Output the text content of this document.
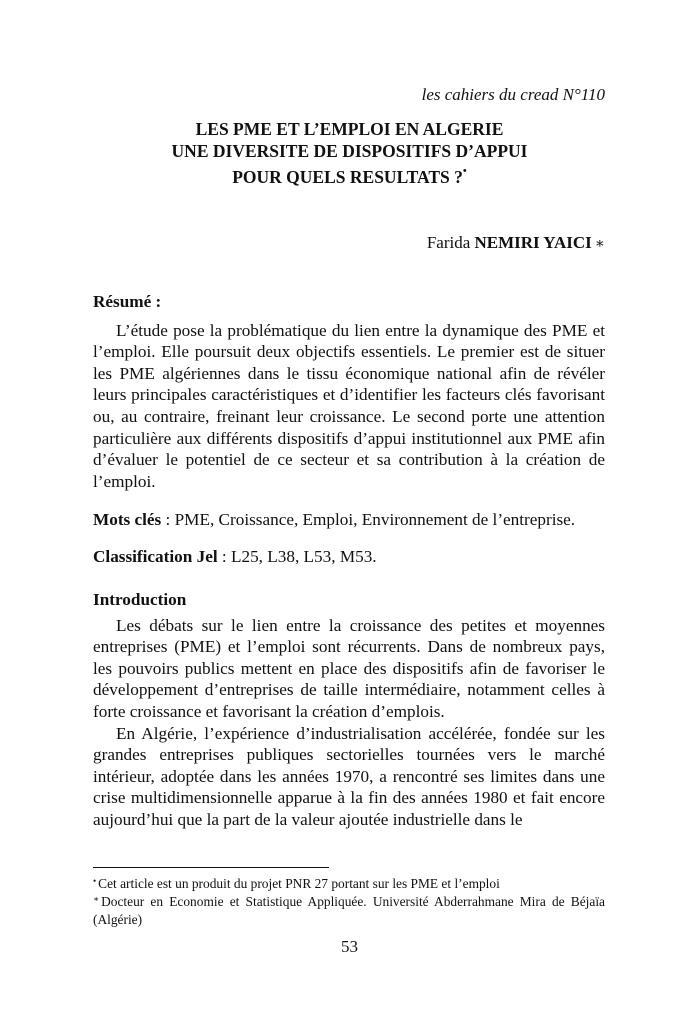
les cahiers du cread N°110
LES PME ET L’EMPLOI EN ALGERIE
UNE DIVERSITE DE DISPOSITIFS D’APPUI
POUR QUELS RESULTATS ?•
Farida NEMIRI YAICI ∗
Résumé :

L’étude pose la problématique du lien entre la dynamique des PME et l’emploi. Elle poursuit deux objectifs essentiels. Le premier est de situer les PME algériennes dans le tissu économique national afin de révéler leurs principales caractéristiques et d’identifier les facteurs clés favorisant ou, au contraire, freinant leur croissance. Le second porte une attention particulière aux différents dispositifs d’appui institutionnel aux PME afin d’évaluer le potentiel de ce secteur et sa contribution à la création de l’emploi.

Mots clés : PME, Croissance, Emploi, Environnement de l’entreprise.
Classification Jel : L25, L38, L53, M53.
Introduction

Les débats sur le lien entre la croissance des petites et moyennes entreprises (PME) et l’emploi sont récurrents. Dans de nombreux pays, les pouvoirs publics mettent en place des dispositifs afin de favoriser le développement d’entreprises de taille intermédiaire, notamment celles à forte croissance et favorisant la création d’emplois.

En Algérie, l’expérience d’industrialisation accélérée, fondée sur les grandes entreprises publiques sectorielles tournées vers le marché intérieur, adoptée dans les années 1970, a rencontré ses limites dans une crise multidimensionnelle apparue à la fin des années 1980 et fait encore aujourd’hui que la part de la valeur ajoutée industrielle dans le

• Cet article est un produit du projet PNR 27 portant sur les PME et l’emploi
∗ Docteur en Economie et Statistique Appliquée. Université Abderrahmane Mira de Béjaïa (Algérie)
53
